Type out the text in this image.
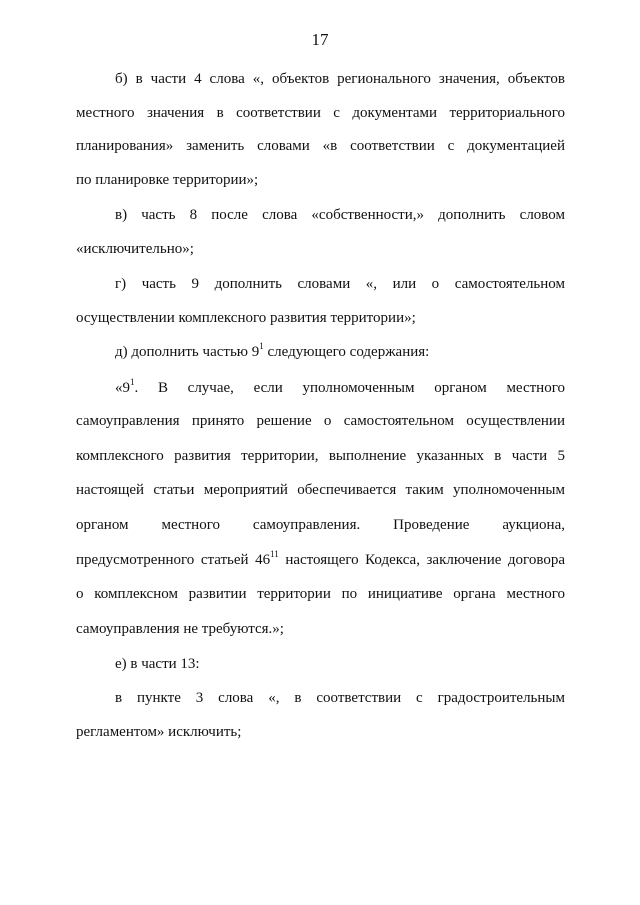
17
б) в части 4 слова «, объектов регионального значения, объектов
местного значения в соответствии с документами территориального
планирования» заменить словами «в соответствии с документацией
по планировке территории»;
в) часть 8 после слова «собственности,» дополнить словом
«исключительно»;
г) часть 9 дополнить словами «, или о самостоятельном
осуществлении комплексного развития территории»;
д) дополнить частью $9^1$ следующего содержания:
«$9^1$. В случае, если уполномоченным органом местного
самоуправления принято решение о самостоятельном осуществлении
комплексного развития территории, выполнение указанных в части 5
настоящей статьи мероприятий обеспечивается таким уполномоченным
органом местного самоуправления. Проведение аукциона,
предусмотренного статьей $46^{11}$ настоящего Кодекса, заключение договора
о комплексном развитии территории по инициативе органа местного
самоуправления не требуются.»;
е) в части 13:
в пункте 3 слова «, в соответствии с градостроительным
регламентом» исключить;
